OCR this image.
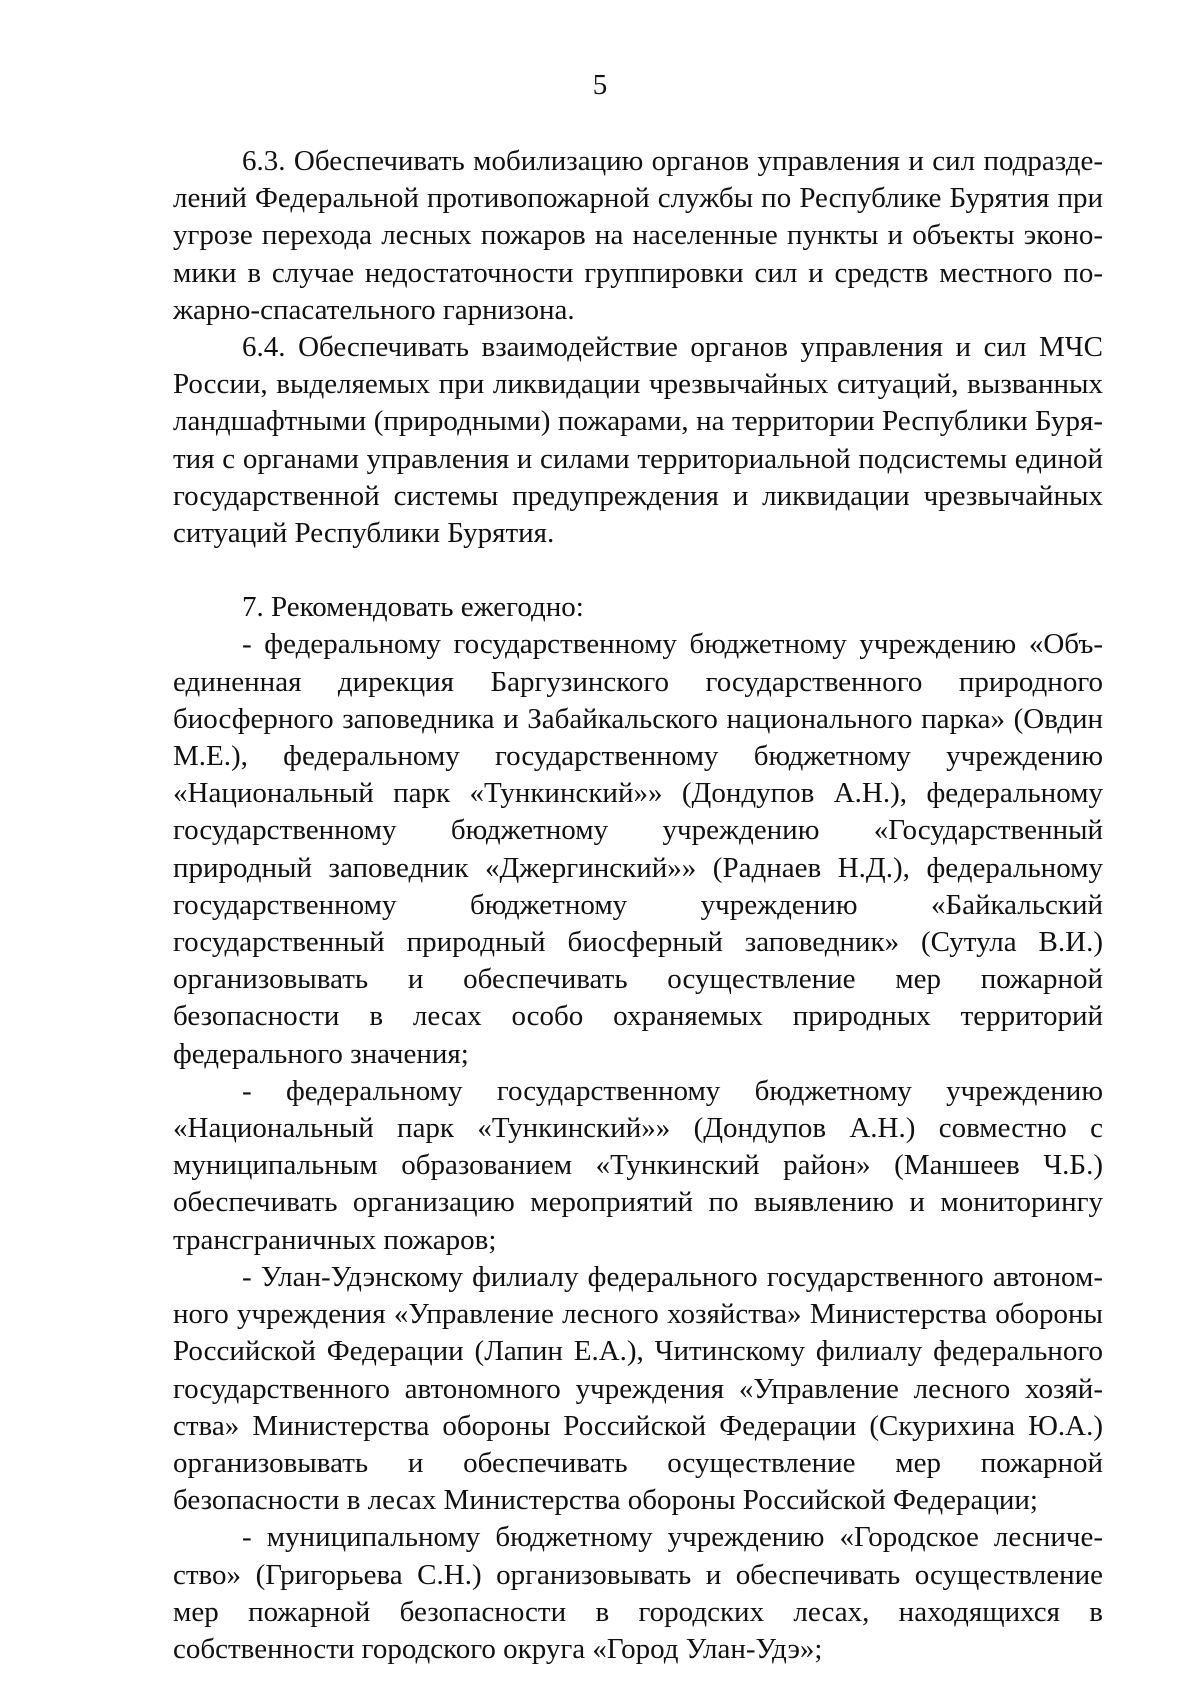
5

6.3. Обеспечивать мобилизацию органов управления и сил подразделений Федеральной противопожарной службы по Республике Бурятия при угрозе перехода лесных пожаров на населенные пункты и объекты экономики в случае недостаточности группировки сил и средств местного пожарно-спасательного гарнизона.

6.4. Обеспечивать взаимодействие органов управления и сил МЧС России, выделяемых при ликвидации чрезвычайных ситуаций, вызванных ландшафтными (природными) пожарами, на территории Республики Бурятия с органами управления и силами территориальной подсистемы единой государственной системы предупреждения и ликвидации чрезвычайных ситуаций Республики Бурятия.

7. Рекомендовать ежегодно:

- федеральному государственному бюджетному учреждению «Объединенная дирекция Баргузинского государственного природного биосферного заповедника и Забайкальского национального парка» (Овдин М.Е.), федеральному государственному бюджетному учреждению «Национальный парк «Тункинский»» (Дондупов А.Н.), федеральному государственному бюджетному учреждению «Государственный природный заповедник «Джергинский»» (Раднаев Н.Д.), федеральному государственному бюджетному учреждению «Байкальский государственный природный биосферный заповедник» (Сутула В.И.) организовывать и обеспечивать осуществление мер пожарной безопасности в лесах особо охраняемых природных территорий федерального значения;

- федеральному государственному бюджетному учреждению «Национальный парк «Тункинский»» (Дондупов А.Н.) совместно с муниципальным образованием «Тункинский район» (Маншеев Ч.Б.) обеспечивать организацию мероприятий по выявлению и мониторингу трансграничных пожаров;

- Улан-Удэнскому филиалу федерального государственного автономного учреждения «Управление лесного хозяйства» Министерства обороны Российской Федерации (Лапин Е.А.), Читинскому филиалу федерального государственного автономного учреждения «Управление лесного хозяйства» Министерства обороны Российской Федерации (Скурихина Ю.А.) организовывать и обеспечивать осуществление мер пожарной безопасности в лесах Министерства обороны Российской Федерации;

- муниципальному бюджетному учреждению «Городское лесничество» (Григорьева С.Н.) организовывать и обеспечивать осуществление мер пожарной безопасности в городских лесах, находящихся в собственности городского округа «Город Улан-Удэ»;
